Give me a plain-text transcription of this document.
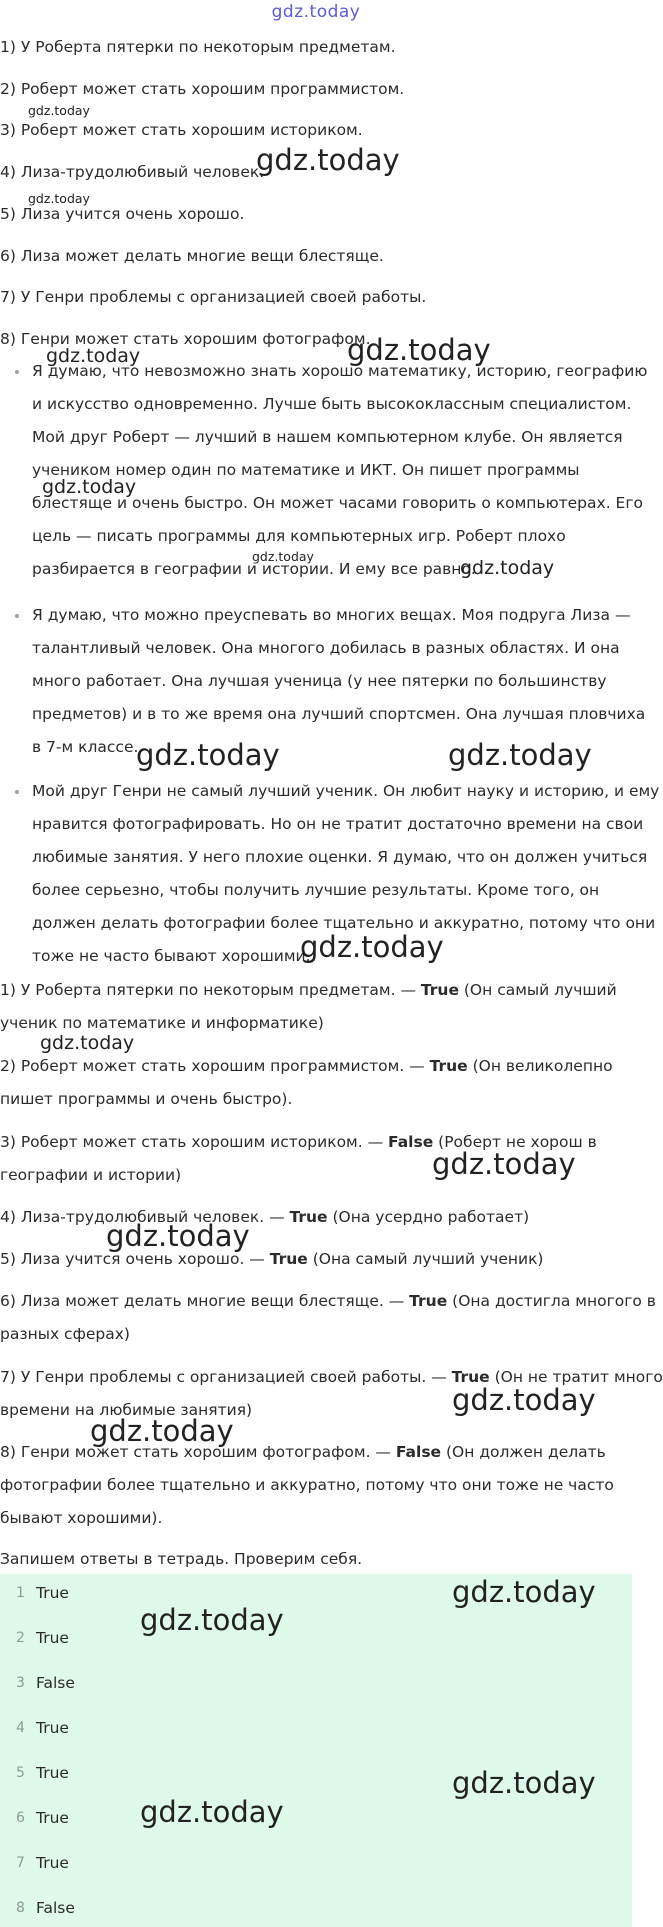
gdz.today
1) У Роберта пятерки по некоторым предметам.
2) Роберт может стать хорошим программистом.
3) Роберт может стать хорошим историком.
4) Лиза-трудолюбивый человек.
5) Лиза учится очень хорошо.
6) Лиза может делать многие вещи блестяще.
7) У Генри проблемы с организацией своей работы.
8) Генри может стать хорошим фотографом.
Я думаю, что невозможно знать хорошо математику, историю, географию
и искусство одновременно. Лучше быть высококлассным специалистом.
Мой друг Роберт — лучший в нашем компьютерном клубе. Он является
учеником номер один по математике и ИКТ. Он пишет программы
блестяще и очень быстро. Он может часами говорить о компьютерах. Его
цель — писать программы для компьютерных игр. Роберт плохо
разбирается в географии и истории. И ему все равно.
Я думаю, что можно преуспевать во многих вещах. Моя подруга Лиза —
талантливый человек. Она многого добилась в разных областях. И она
много работает. Она лучшая ученица (у нее пятерки по большинству
предметов) и в то же время она лучший спортсмен. Она лучшая пловчиха
в 7-м классе.
Мой друг Генри не самый лучший ученик. Он любит науку и историю, и ему
нравится фотографировать. Но он не тратит достаточно времени на свои
любимые занятия. У него плохие оценки. Я думаю, что он должен учиться
более серьезно, чтобы получить лучшие результаты. Кроме того, он
должен делать фотографии более тщательно и аккуратно, потому что они
тоже не часто бывают хорошими.
1) У Роберта пятерки по некоторым предметам. — True (Он самый лучший
ученик по математике и информатике)
2) Роберт может стать хорошим программистом. — True (Он великолепно
пишет программы и очень быстро).
3) Роберт может стать хорошим историком. — False (Роберт не хорош в
географии и истории)
4) Лиза-трудолюбивый человек. — True (Она усердно работает)
5) Лиза учится очень хорошо. — True (Она самый лучший ученик)
6) Лиза может делать многие вещи блестяще. — True (Она достигла многого в
разных сферах)
7) У Генри проблемы с организацией своей работы. — True (Он не тратит много
времени на любимые занятия)
8) Генри может стать хорошим фотографом. — False (Он должен делать
фотографии более тщательно и аккуратно, потому что они тоже не часто
бывают хорошими).
Запишем ответы в тетрадь. Проверим себя.
1 True
2 True
3 False
4 True
5 True
6 True
7 True
8 False
gdz.today
gdz.today
gdz.today
gdz.today
gdz.today
gdz.today
gdz.today
gdz.today
gdz.today	gdz.today
gdz.today
gdz.today
gdz.today
gdz.today
gdz.today
gdz.today
gdz.today
gdz.today
gdz.today
gdz.today
